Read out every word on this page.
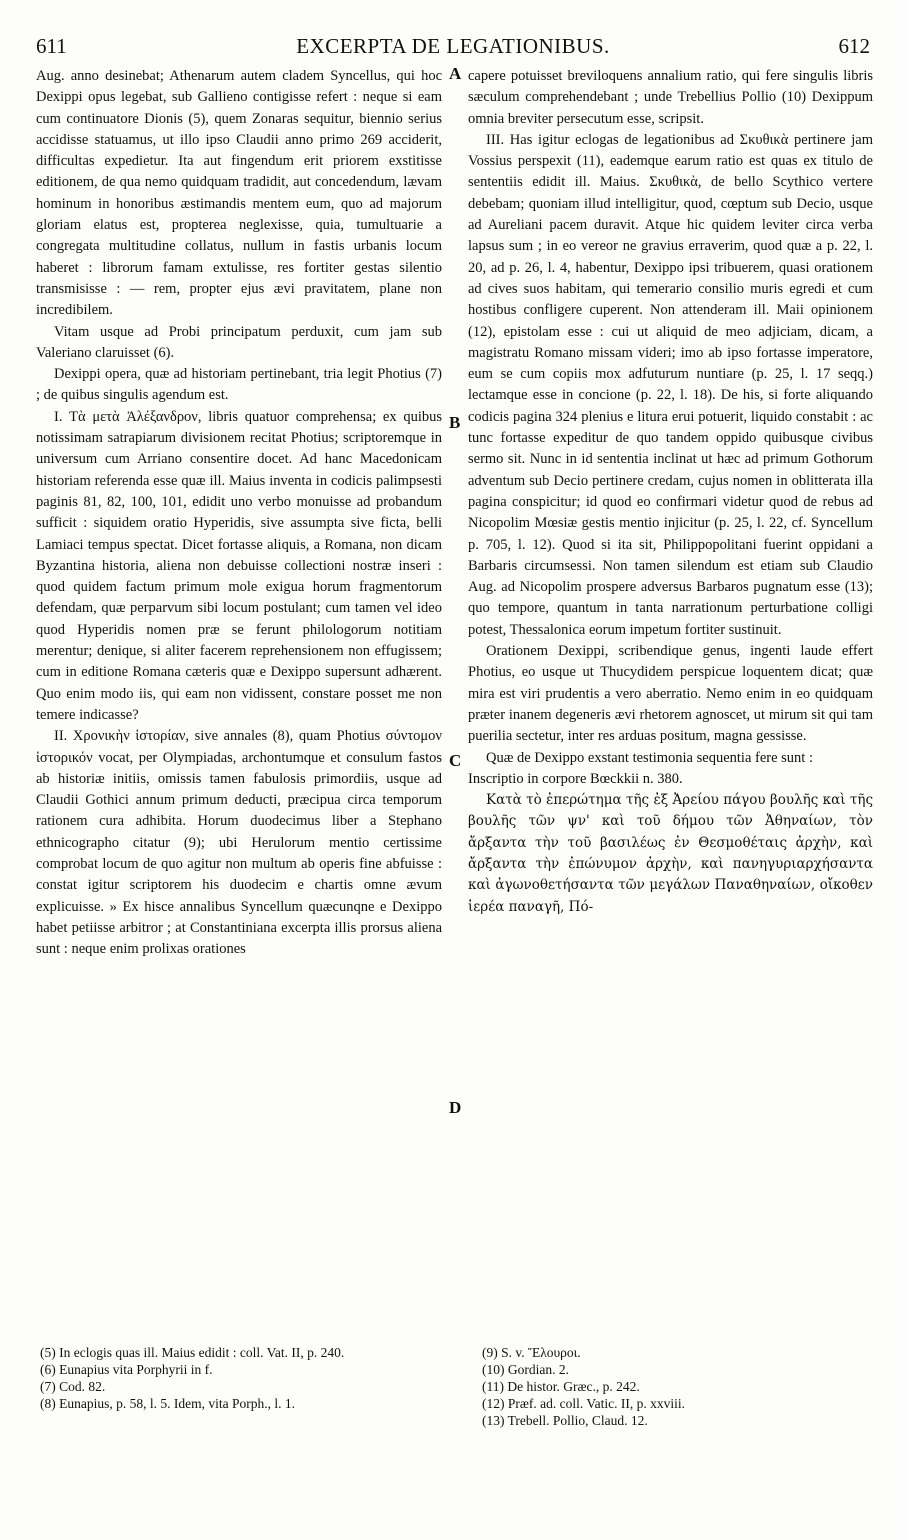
611	EXCERPTA DE LEGATIONIBUS.	612

Aug. anno desinebat; Athenarum autem cladem Syncellus, qui hoc Dexippi opus legebat, sub Gallieno contigisse refert : neque si eam cum continuatore Dionis (5), quem Zonaras sequitur, biennio serius accidisse statuamus, ut illo ipso Claudii anno primo 269 acciderit, difficultas expedietur. Ita aut fingendum erit priorem exstitisse editionem, de qua nemo quidquam tradidit, aut concedendum, lævam hominum in honoribus æstimandis mentem eum, quo ad majorum gloriam elatus est, propterea neglexisse, quia, tumultuarie a congregata multitudine collatus, nullum in fastis urbanis locum haberet : librorum famam extulisse, res fortiter gestas silentio transmisisse : — rem, propter ejus ævi pravitatem, plane non incredibilem.

Vitam usque ad Probi principatum perduxit, cum jam sub Valeriano claruisset (6).

Dexippi opera, quæ ad historiam pertinebant, tria legit Photius (7) ; de quibus singulis agendum est.

I. Τὰ μετὰ Ἀλέξανδρον, libris quatuor comprehensa; ex quibus notissimam satrapiarum divisionem recitat Photius; scriptoremque in universum cum Arriano consentire docet. Ad hanc Macedonicam historiam referenda esse quæ ill. Maius inventa in codicis palimpsesti paginis 81, 82, 100, 101, edidit uno verbo monuisse ad probandum sufficit : siquidem oratio Hyperidis, sive assumpta sive ficta, belli Lamiaci tempus spectat. Dicet fortasse aliquis, a Romana, non dicam Byzantina historia, aliena non debuisse collectioni nostræ inseri : quod quidem factum primum mole exigua horum fragmentorum defendam, quæ perparvum sibi locum postulant; cum tamen vel ideo quod Hyperidis nomen præ se ferunt philologorum notitiam merentur; denique, si aliter facerem reprehensionem non effugissem; cum in editione Romana cæteris quæ e Dexippo supersunt adhærent. Quo enim modo iis, qui eam non vidissent, constare posset me non temere indicasse?

II. Χρονικὴν ἱστορίαν, sive annales (8), quam Photius σύντομον ἱστορικόν vocat, per Olympiadas, archontumque et consulum fastos ab historiæ initiis, omissis tamen fabulosis primordiis, usque ad Claudii Gothici annum primum deducti, præcipua circa temporum rationem cura adhibita. Horum duodecimus liber a Stephano ethnicographo citatur (9); ubi Herulorum mentio certissime comprobat locum de quo agitur non multum ab operis fine abfuisse : constat igitur scriptorem his duodecim e chartis omne ævum explicuisse. » Ex hisce annalibus Syncellum quæcunqne e Dexippo habet petiisse arbitror ; at Constantiniana excerpta illis prorsus aliena sunt : neque enim prolixas orationes

capere potuisset breviloquens annalium ratio, qui fere singulis libris sæculum comprehendebant ; unde Trebellius Pollio (10) Dexippum omnia breviter persecutum esse, scripsit.

III. Has igitur eclogas de legationibus ad Σκυθικὰ pertinere jam Vossius perspexit (11), eademque earum ratio est quas ex titulo de sententiis edidit ill. Maius. Σκυθικὰ, de bello Scythico vertere debebam; quoniam illud intelligitur, quod, cœptum sub Decio, usque ad Aureliani pacem duravit. Atque hic quidem leviter circa verba lapsus sum ; in eo vereor ne gravius erraverim, quod quæ a p. 22, l. 20, ad p. 26, l. 4, habentur, Dexippo ipsi tribuerem, quasi orationem ad cives suos habitam, qui temerario consilio muris egredi et cum hostibus confligere cuperent. Non attenderam ill. Maii opinionem (12), epistolam esse : cui ut aliquid de meo adjiciam, dicam, a magistratu Romano missam videri; imo ab ipso fortasse imperatore, eum se cum copiis mox adfuturum nuntiare (p. 25, l. 17 seqq.) lectamque esse in concione (p. 22, l. 18). De his, si forte aliquando codicis pagina 324 plenius e litura erui potuerit, liquido constabit : ac tunc fortasse expeditur de quo tandem oppido quibusque civibus sermo sit. Nunc in id sententia inclinat ut hæc ad primum Gothorum adventum sub Decio pertinere credam, cujus nomen in oblitterata illa pagina conspicitur; id quod eo confirmari videtur quod de rebus ad Nicopolim Mœsiæ gestis mentio injicitur (p. 25, l. 22, cf. Syncellum p. 705, l. 12). Quod si ita sit, Philippopolitani fuerint oppidani a Barbaris circumsessi. Non tamen silendum est etiam sub Claudio Aug. ad Nicopolim prospere adversus Barbaros pugnatum esse (13); quo tempore, quantum in tanta narrationum perturbatione colligi potest, Thessalonica eorum impetum fortiter sustinuit.

Orationem Dexippi, scribendique genus, ingenti laude effert Photius, eo usque ut Thucydidem perspicue loquentem dicat; quæ mira est viri prudentis a vero aberratio. Nemo enim in eo quidquam præter inanem degeneris ævi rhetorem agnoscet, ut mirum sit qui tam puerilia sectetur, inter res arduas positum, magna gessisse.

Quæ de Dexippo exstant testimonia sequentia fere sunt :

Inscriptio in corpore Bœckkii n. 380.

Κατὰ τὸ ἐπερώτημα τῆς ἐξ Ἀρείου πάγου βουλῆς καὶ τῆς βουλῆς τῶν ψν' καὶ τοῦ δήμου τῶν Ἀθηναίων, τὸν ἄρξαντα τὴν τοῦ βασιλέως ἐν Θεσμοθέταις ἀρχὴν, καὶ ἄρξαντα τὴν ἐπώνυμον ἀρχὴν, καὶ πανηγυριαρχήσαντα καὶ ἀγωνοθετήσαντα τῶν μεγάλων Παναθηναίων, οἴκοθεν ἱερέα παναγῆ, Πό-

A
B
C
D
(5) In eclogis quas ill. Maius edidit : coll. Vat. II, p. 240.
(6) Eunapius vita Porphyrii in f.
(7) Cod. 82.
(8) Eunapius, p. 58, l. 5. Idem, vita Porph., l. 1.
(9) S. v. Ἔλουροι.
(10) Gordian. 2.
(11) De histor. Græc., p. 242.
(12) Præf. ad. coll. Vatic. II, p. xxviii.
(13) Trebell. Pollio, Claud. 12.
